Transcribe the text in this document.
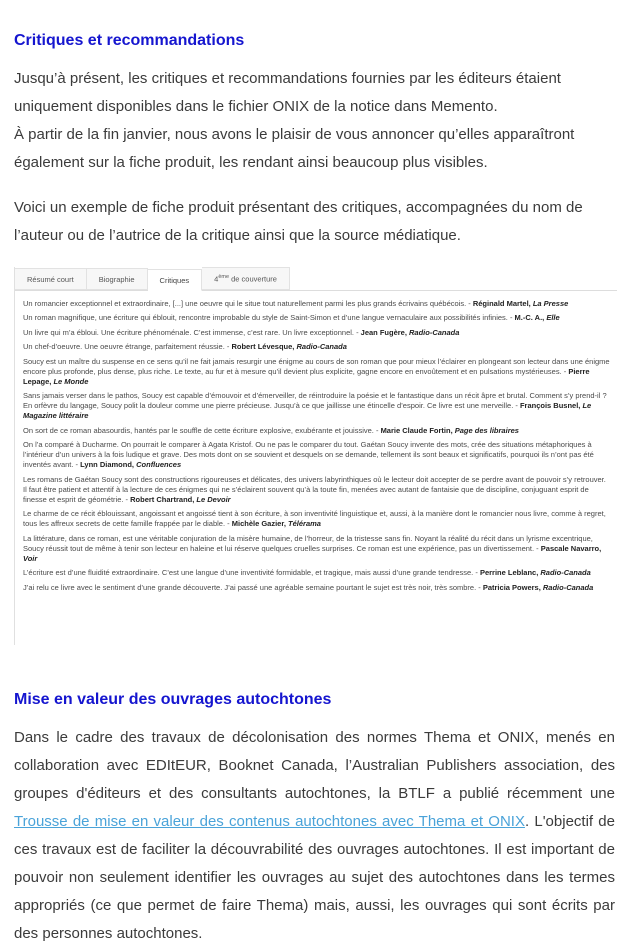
Critiques et recommandations

Jusqu’à présent, les critiques et recommandations fournies par les éditeurs étaient uniquement disponibles dans le fichier ONIX de la notice dans Memento.
À partir de la fin janvier, nous avons le plaisir de vous annoncer qu’elles apparaîtront également sur la fiche produit, les rendant ainsi beaucoup plus visibles.

Voici un exemple de fiche produit présentant des critiques, accompagnées du nom de l’auteur ou de l’autrice de la critique ainsi que la source médiatique.

Résumé court	Biographie	Critiques	4ème de couverture

Un romancier exceptionnel et extraordinaire, [...] une oeuvre qui le situe tout naturellement parmi les plus grands écrivains québécois. - Réginald Martel, La Presse

Un roman magnifique, une écriture qui éblouit, rencontre improbable du style de Saint-Simon et d’une langue vernaculaire aux possibilités infinies. - M.-C. A., Elle

Un livre qui m’a ébloui. Une écriture phénoménale. C’est immense, c’est rare. Un livre exceptionnel. - Jean Fugère, Radio-Canada

Un chef-d’oeuvre. Une oeuvre étrange, parfaitement réussie. - Robert Lévesque, Radio-Canada

Soucy est un maître du suspense en ce sens qu’il ne fait jamais resurgir une énigme au cours de son roman que pour mieux l’éclairer en plongeant son lecteur dans une énigme encore plus profonde, plus dense, plus riche. Le texte, au fur et à mesure qu’il devient plus explicite, gagne encore en envoûtement et en pulsations mystérieuses. - Pierre Lepage, Le Monde

Sans jamais verser dans le pathos, Soucy est capable d’émouvoir et d’émerveiller, de réintroduire la poésie et le fantastique dans un récit âpre et brutal. Comment s’y prend-il ? En orfèvre du langage, Soucy polit la douleur comme une pierre précieuse. Jusqu’à ce que jaillisse une étincelle d’espoir. Ce livre est une merveille. - François Busnel, Le Magazine littéraire

On sort de ce roman abasourdis, hantés par le souffle de cette écriture explosive, exubérante et jouissive. - Marie Claude Fortin, Page des libraires

On l’a comparé à Ducharme. On pourrait le comparer à Agata Kristof. Ou ne pas le comparer du tout. Gaétan Soucy invente des mots, crée des situations métaphoriques à l’intérieur d’un univers à la fois ludique et grave. Des mots dont on se souvient et desquels on se demande, tellement ils sont beaux et significatifs, pourquoi ils n’ont pas été inventés avant. - Lynn Diamond, Confluences

Les romans de Gaétan Soucy sont des constructions rigoureuses et délicates, des univers labyrinthiques où le lecteur doit accepter de se perdre avant de pouvoir s’y retrouver. Il faut être patient et attentif à la lecture de ces énigmes qui ne s’éclairent souvent qu’à la toute fin, menées avec autant de fantaisie que de discipline, conjuguant esprit de finesse et esprit de géométrie. - Robert Chartrand, Le Devoir

Le charme de ce récit éblouissant, angoissant et angoissé tient à son écriture, à son inventivité linguistique et, aussi, à la manière dont le romancier nous livre, comme à regret, tous les affreux secrets de cette famille frappée par le diable. - Michèle Gazier, Télérama

La littérature, dans ce roman, est une véritable conjuration de la misère humaine, de l’horreur, de la tristesse sans fin. Noyant la réalité du récit dans un lyrisme excentrique, Soucy réussit tout de même à tenir son lecteur en haleine et lui réserve quelques cruelles surprises. Ce roman est une expérience, pas un divertissement. - Pascale Navarro, Voir

L’écriture est d’une fluidité extraordinaire. C’est une langue d’une inventivité formidable, et tragique, mais aussi d’une grande tendresse. - Perrine Leblanc, Radio-Canada

J’ai relu ce livre avec le sentiment d’une grande découverte. J’ai passé une agréable semaine pourtant le sujet est très noir, très sombre. - Patricia Powers, Radio-Canada

Mise en valeur des ouvrages autochtones

Dans le cadre des travaux de décolonisation des normes Thema et ONIX, menés en collaboration avec EDItEUR, Booknet Canada, l’Australian Publishers association, des groupes d'éditeurs et des consultants autochtones, la BTLF a publié récemment une Trousse de mise en valeur des contenus autochtones avec Thema et ONIX. L'objectif de ces travaux est de faciliter la découvrabilité des ouvrages autochtones. Il est important de pouvoir non seulement identifier les ouvrages au sujet des autochtones dans les termes appropriés (ce que permet de faire Thema) mais, aussi, les ouvrages qui sont écrits par des personnes autochtones.
